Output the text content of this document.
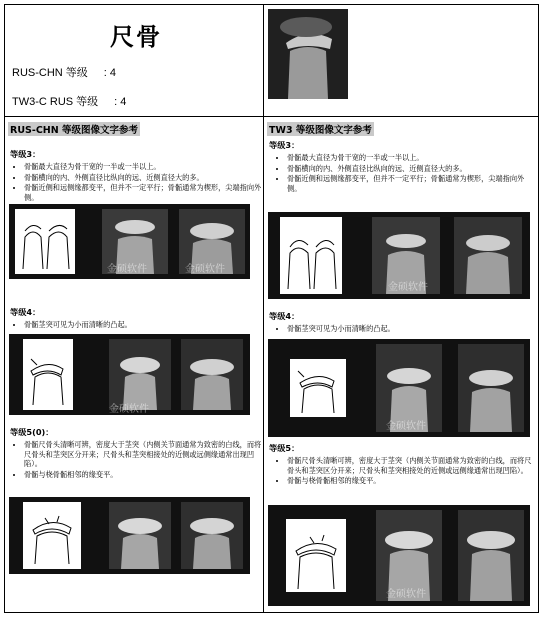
尺骨
RUS-CHN 等级 : 4
TW3-C RUS 等级 : 4
RUS-CHN 等级图像文字参考
等级3：
• 骨骺最大直径为骨干宽的一半或一半以上。
• 骨骺横向的内、外侧直径比纵向的远、近侧直径大的多。
• 骨骺近侧和远侧缘都变平，但并不一定平行；骨骺通常为楔形，尖端指向外侧。
金硕软件	金硕软件
等级4：
• 骨骺茎突可见为小而清晰的凸起。
金硕软件
等级5(0)：
• 骨骺尺骨头清晰可辨，密度大于茎突（内侧关节面通常为致密的白线，而将尺骨头和茎突区分开来；尺骨头和茎突相接处的近侧或远侧缘通常出现凹陷）。
• 骨骺与桡骨骺相邻的缘变平。
TW3 等级图像文字参考
等级3：
• 骨骺最大直径为骨干宽的一半或一半以上。
• 骨骺横向的内、外侧直径比纵向的远、近侧直径大的多。
• 骨骺近侧和远侧缘都变平，但并不一定平行；骨骺通常为楔形，尖端指向外侧。
金硕软件
等级4：
• 骨骺茎突可见为小而清晰的凸起。
金硕软件
等级5：
• 骨骺尺骨头清晰可辨，密度大于茎突（内侧关节面通常为致密的白线，而将尺骨头和茎突区分开来；尺骨头和茎突相接处的近侧或远侧缘通常出现凹陷）。
• 骨骺与桡骨骺相邻的缘变平。
金硕软件
